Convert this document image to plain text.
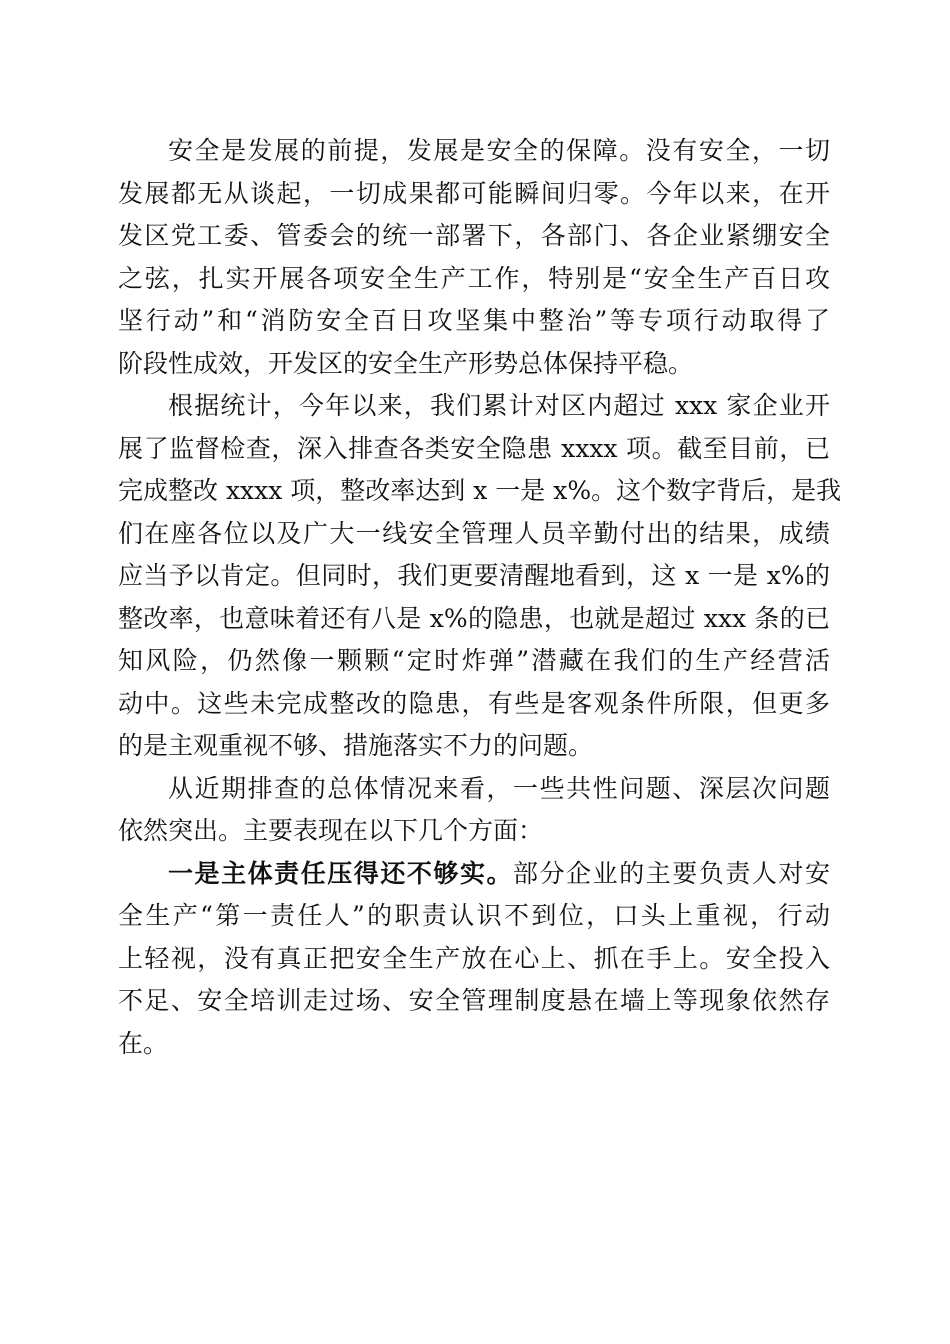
安全是发展的前提，发展是安全的保障。没有安全，一切
发展都无从谈起，一切成果都可能瞬间归零。今年以来，在开
发区党工委、管委会的统一部署下，各部门、各企业紧绷安全
之弦，扎实开展各项安全生产工作，特别是“安全生产百日攻
坚行动”和“消防安全百日攻坚集中整治”等专项行动取得了
阶段性成效，开发区的安全生产形势总体保持平稳。
根据统计，今年以来，我们累计对区内超过 xxx 家企业开
展了监督检查，深入排查各类安全隐患 xxxx 项。截至目前，已
完成整改 xxxx 项，整改率达到 x 一是 x%。这个数字背后，是我
们在座各位以及广大一线安全管理人员辛勤付出的结果，成绩
应当予以肯定。但同时，我们更要清醒地看到，这 x 一是 x%的
整改率，也意味着还有八是 x%的隐患，也就是超过 xxx 条的已
知风险，仍然像一颗颗“定时炸弹”潜藏在我们的生产经营活
动中。这些未完成整改的隐患，有些是客观条件所限，但更多
的是主观重视不够、措施落实不力的问题。
从近期排查的总体情况来看，一些共性问题、深层次问题
依然突出。主要表现在以下几个方面：
一是主体责任压得还不够实。部分企业的主要负责人对安
全生产“第一责任人”的职责认识不到位，口头上重视，行动
上轻视，没有真正把安全生产放在心上、抓在手上。安全投入
不足、安全培训走过场、安全管理制度悬在墙上等现象依然存
在。
